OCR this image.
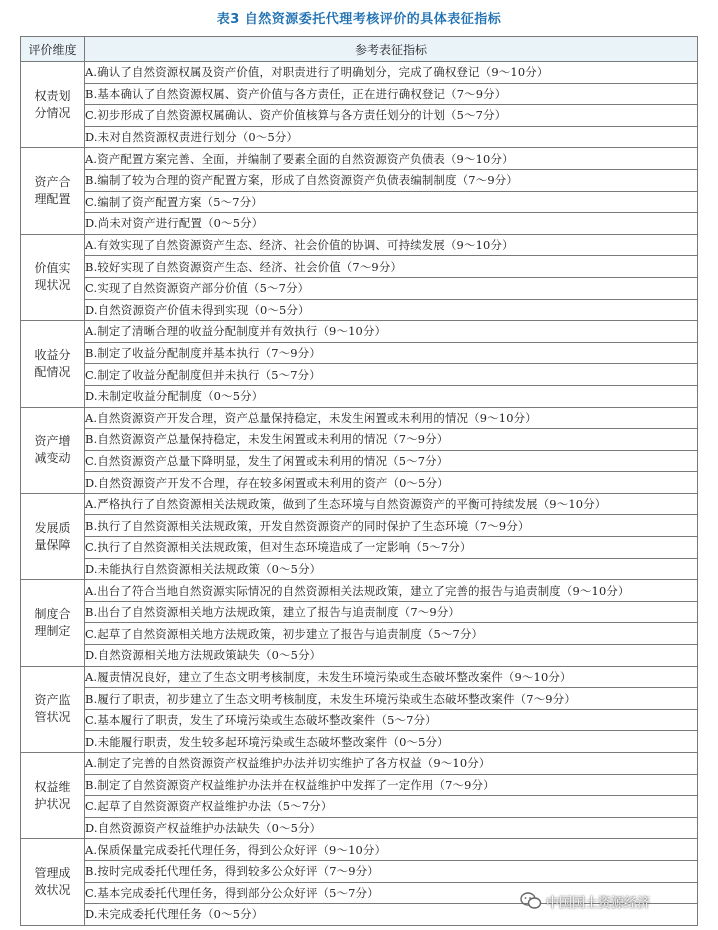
表3 自然资源委托代理考核评价的具体表征指标
评价维度	参考表征指标

权责划分情况	A.确认了自然资源权属及资产价值，对职责进行了明确划分，完成了确权登记（9～10分）
	B.基本确认了自然资源权属、资产价值与各方责任，正在进行确权登记（7～9分）
	C.初步形成了自然资源权属确认、资产价值核算与各方责任划分的计划（5～7分）
	D.未对自然资源权责进行划分（0～5分）

资产合理配置	A.资产配置方案完善、全面，并编制了要素全面的自然资源资产负债表（9～10分）
	B.编制了较为合理的资产配置方案，形成了自然资源资产负债表编制制度（7～9分）
	C.编制了资产配置方案（5～7分）
	D.尚未对资产进行配置（0～5分）

价值实现状况	A.有效实现了自然资源资产生态、经济、社会价值的协调、可持续发展（9～10分）
	B.较好实现了自然资源资产生态、经济、社会价值（7～9分）
	C.实现了自然资源资产部分价值（5～7分）
	D.自然资源资产价值未得到实现（0～5分）

收益分配情况	A.制定了清晰合理的收益分配制度并有效执行（9～10分）
	B.制定了收益分配制度并基本执行（7～9分）
	C.制定了收益分配制度但并未执行（5～7分）
	D.未制定收益分配制度（0～5分）

资产增减变动	A.自然资源资产开发合理，资产总量保持稳定，未发生闲置或未利用的情况（9～10分）
	B.自然资源资产总量保持稳定，未发生闲置或未利用的情况（7～9分）
	C.自然资源资产总量下降明显，发生了闲置或未利用的情况（5～7分）
	D.自然资源资产开发不合理，存在较多闲置或未利用的资产（0～5分）

发展质量保障	A.严格执行了自然资源相关法规政策，做到了生态环境与自然资源资产的平衡可持续发展（9～10分）
	B.执行了自然资源相关法规政策，开发自然资源资产的同时保护了生态环境（7～9分）
	C.执行了自然资源相关法规政策，但对生态环境造成了一定影响（5～7分）
	D.未能执行自然资源相关法规政策（0～5分）

制度合理制定	A.出台了符合当地自然资源实际情况的自然资源相关法规政策，建立了完善的报告与追责制度（9～10分）
	B.出台了自然资源相关地方法规政策，建立了报告与追责制度（7～9分）
	C.起草了自然资源相关地方法规政策，初步建立了报告与追责制度（5～7分）
	D.自然资源相关地方法规政策缺失（0～5分）

资产监管状况	A.履责情况良好，建立了生态文明考核制度，未发生环境污染或生态破坏整改案件（9～10分）
	B.履行了职责，初步建立了生态文明考核制度，未发生环境污染或生态破坏整改案件（7～9分）
	C.基本履行了职责，发生了环境污染或生态破坏整改案件（5～7分）
	D.未能履行职责，发生较多起环境污染或生态破坏整改案件（0～5分）

权益维护状况	A.制定了完善的自然资源资产权益维护办法并切实维护了各方权益（9～10分）
	B.制定了自然资源资产权益维护办法并在权益维护中发挥了一定作用（7～9分）
	C.起草了自然资源资产权益维护办法（5～7分）
	D.自然资源资产权益维护办法缺失（0～5分）

管理成效状况	A.保质保量完成委托代理任务，得到公众好评（9～10分）
	B.按时完成委托代理任务，得到较多公众好评（7～9分）
	C.基本完成委托代理任务，得到部分公众好评（5～7分）
	D.未完成委托代理任务（0～5分）
中国国土资源经济
